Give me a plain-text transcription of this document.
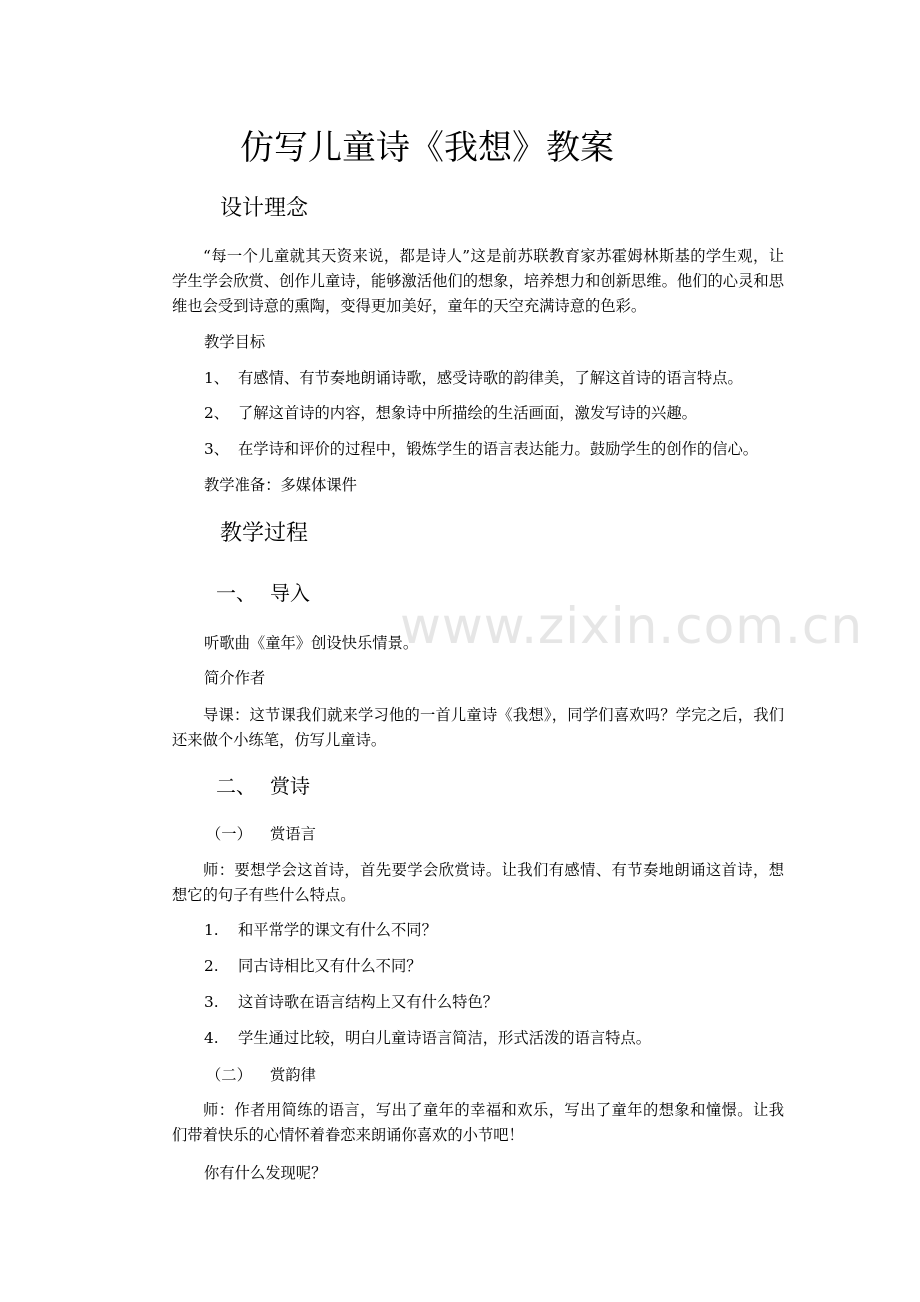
仿写儿童诗《我想》教案
设计理念
“每一个儿童就其天资来说，都是诗人”这是前苏联教育家苏霍姆林斯基的学生观，让学生学会欣赏、创作儿童诗，能够激活他们的想象，培养想力和创新思维。他们的心灵和思维也会受到诗意的熏陶，变得更加美好，童年的天空充满诗意的色彩。
教学目标
1、 有感情、有节奏地朗诵诗歌，感受诗歌的韵律美，了解这首诗的语言特点。
2、 了解这首诗的内容，想象诗中所描绘的生活画面，激发写诗的兴趣。
3、 在学诗和评价的过程中，锻炼学生的语言表达能力。鼓励学生的创作的信心。
教学准备：多媒体课件
教学过程
一、 导入
听歌曲《童年》创设快乐情景。
简介作者
导课：这节课我们就来学习他的一首儿童诗《我想》，同学们喜欢吗？学完之后，我们还来做个小练笔，仿写儿童诗。
二、 赏诗
（一） 赏语言
师：要想学会这首诗，首先要学会欣赏诗。让我们有感情、有节奏地朗诵这首诗，想想它的句子有些什么特点。
1. 和平常学的课文有什么不同？
2. 同古诗相比又有什么不同？
3. 这首诗歌在语言结构上又有什么特色？
4. 学生通过比较，明白儿童诗语言简洁，形式活泼的语言特点。
（二） 赏韵律
师：作者用简练的语言，写出了童年的幸福和欢乐，写出了童年的想象和憧憬。让我们带着快乐的心情怀着眷恋来朗诵你喜欢的小节吧！
你有什么发现呢？
www.zixin.com.cn
